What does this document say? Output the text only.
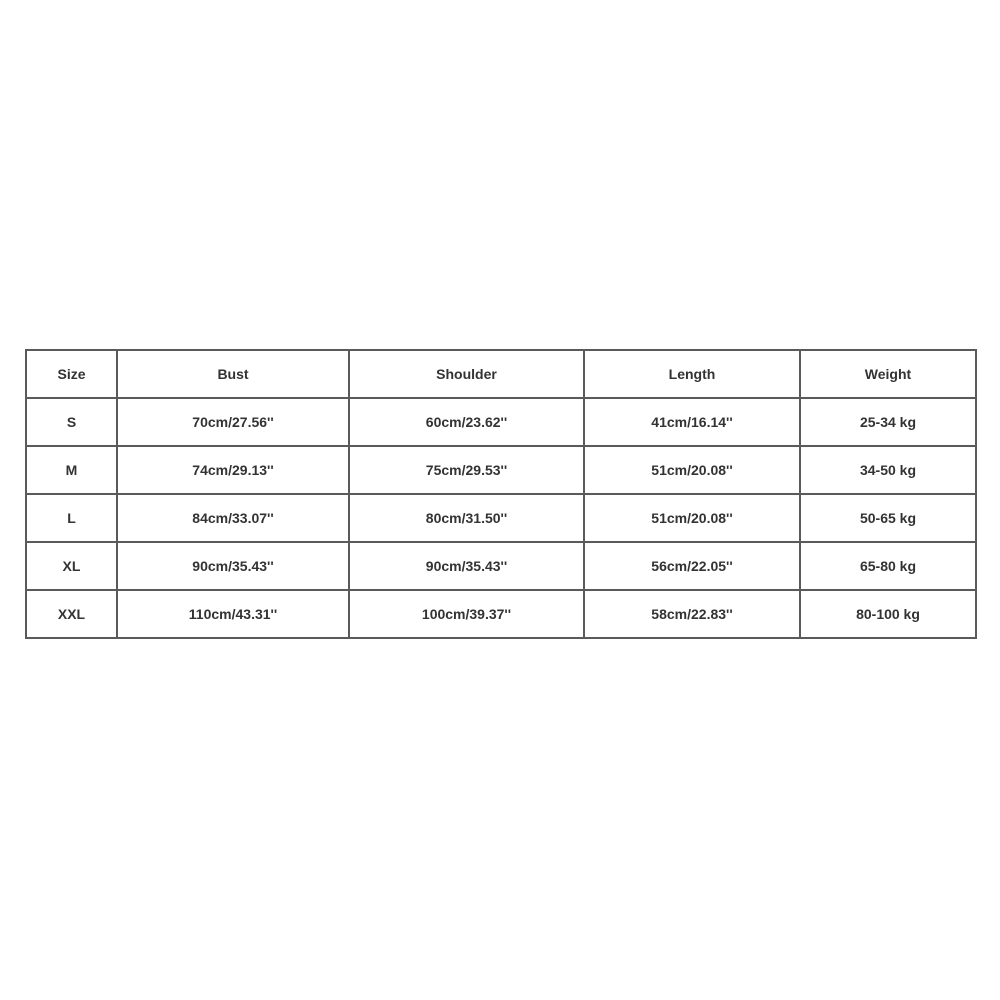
Size	Bust	Shoulder	Length	Weight
S	70cm/27.56''	60cm/23.62''	41cm/16.14''	25-34 kg
M	74cm/29.13''	75cm/29.53''	51cm/20.08''	34-50 kg
L	84cm/33.07''	80cm/31.50''	51cm/20.08''	50-65 kg
XL	90cm/35.43''	90cm/35.43''	56cm/22.05''	65-80 kg
XXL	110cm/43.31''	100cm/39.37''	58cm/22.83''	80-100 kg
